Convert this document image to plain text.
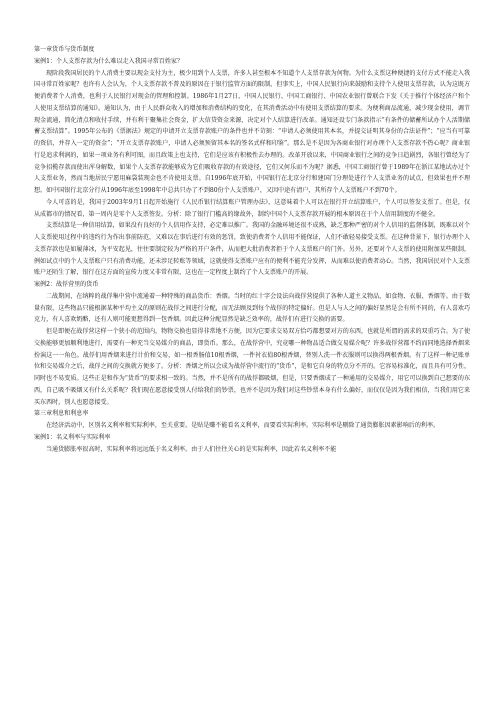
第一章货币与货币制度
案例1：个人支票存款为什么难以走入我国寻常百姓家？
现阶段我国居民的个人消费主要以现金支付为主，极少用到个人支票，许多人甚至根本不知道个人支票存款为何物。为什么支票这种便捷的支付方式不能走入我国寻常百姓家呢？也许有人会认为，个人支票存款不普及的原因在于银行监管方面的限制，但事实上，中国人民银行向来鼓励和支持个人使用支票存款，认为这既方便消费者个人消费，也利于人民银行对现金的管理和控制。1986年1月27日，中国人民银行、中国工商银行、中国农业银行曾联合下发《关于推行个体经济户和个人使用支票结算的通知》。通知认为，由于人民群众收入的增加和消费结构的变化，在其消费活动中有使用支票结算的要求。为便利商品流通，减少现金使用，调节现金流通，简化清点和收付手续，并有利于聚集社会资金，扩大信贷资金来源，决定对个人结算进行改革。通知还设专门条款指示“有条件的储蓄所试办个人活期储蓄支票结算”。1995年公布的《票据法》规定的申请开立支票存款账户的条件也并不苛刻：“申请人必须使用其本名，并提交证明其身份的合法证件”；“应当有可靠的资信，并存入一定的资金”；“开立支票存款账户，申请人必须预留其本名的签名式样和印鉴”。那么是不是因为各商业银行对办理个人支票存款不热心呢？商业银行是追求利润的，如果一项业务有利可图，而且政策上也支持，它们是应该有积极性去办理的。改革开放以来，中国商业银行之间的竞争日趋剧烈，各银行曾经为了竞争招揽存款而使出浑身解数，如果个人支票存款能够成为它们吸收存款的有效途径，它们又何乐而不为呢？据悉，中国工商银行曾于1989年在浙江某地试办过个人支票业务，然而当地居民宁愿用麻袋装现金也不肯使用支票。自1996年底开始，中国银行在北京分行和建国门分理处进行个人支票业务的试点，但效果也并不理想。如中国银行北京分行从1996年底至1998年中总共只办了不到80份个人支票账户，又因中途有清户，其所存个人支票账户不到70个。
今人可喜的是，我国于2003年9月1日起开始施行《人民币银行结算账户管理办法》，这意味着个人可以在银行开立结算账户，个人可以签发支票了。但是，仅从成都市的情况看，第一周内是零个人支票签发。分析：除了银行门槛高的缘故外，制约中国个人支票存款开展的根本原因在于个人信用制度的不健全。
支票结算是一种信用结算，如果没有良好的个人信用作支持，必定难以推广。我国的金融环境还很不成熟，缺乏那种严密的对个人信用的监督体制，既难以对个人支票使用过程中的违约行为作出事前防范，又难以在事后进行有效的惩罚，致使消费者个人信用不能保证，人们不敢轻易接受支票。在这种背景下，银行办理个人支票存款也是如履薄冰，为平安起见，往往要制定较为严格的开户条件，从而把大批消费者拒于个人支票账户的门外。另外，还要对个人支票的使用附加某些限制，例如试点中的个人支票账户只有消费功能，还未涉足转账等领域，这就使得支票账户应有的便利不能充分发挥，从而难以使消费者动心。当然，我国居民对个人支票账户还陌生了解，银行在这方面的宣传力度又非常有限，这也在一定程度上制约了个人支票账户的开展。
案例2：战俘营里的货币
二战期间，在纳粹的战俘集中营中流通着一种特殊的商品货币：香烟。当时的红十字会设法向战俘营提供了各种人道主义物品，如食物、衣服、香烟等。由于数量有限，这些物品只能根据某种平均主义的原则在战俘之间进行分配，而无法顾及到每个战俘的特定偏好。但是人与人之间的偏好显然是会有所不同的，有人喜欢巧克力，有人喜欢奶酪，还有人则可能更想得到一包香烟。因此这种分配显然是缺乏效率的，战俘们有进行交换的需要。
但是即便在战俘营这样一个狭小的范围内，物物交换也显得非常地不方便，因为它要求交易双方恰巧都想要对方的东西，也就是所谓的需求的双重巧合。为了使交换能够更加顺利地进行，需要有一种充当交易媒介的商品，即货币。那么，在战俘营中，究竟哪一种物品适合做交易媒介呢？许多战俘营都不约而同地选择香烟来扮演这一一角色。战俘们用香烟来进行计价和交易，如一根香肠值10根香烟，一件衬衣值80根香烟，替别人洗一件衣服则可以换得两根香烟。有了这样一种记账单位和交易媒介之后，战俘之间的交换就方便多了。分析：香烟之所以会成为战俘营中流行的“货币”，是和它自身的特点分不开的。它容易标准化，而且具有可分性，同时也不易变质。这些正是和作为“货币”的要求相一致的。当然，并不是所有的战俘都吸烟，但是，只要香烟成了一种通用的交易媒介，用它可以换到自己想要的东西，自己吸不吸烟又有什么关系呢？我们现在愿意接受别人付给我们的钞票，也并不是因为我们对这些钞票本身有什么偏好，而仅仅是因为我们相信，当我们用它来买东西时，别人也愿意接受。
第三章利息和利息率
在经济活动中，区别名义利率和实际利率，至关重要。是贴是赚不能看名义利率，而要看实际利率。实际利率是剔除了通货膨胀因素影响后的利率。
案例1：名义利率与实际利率
当通货膨胀率很高时，实际利率将远远低于名义利率。由于人们往往关心的是实际利率，因此若名义利率不能
